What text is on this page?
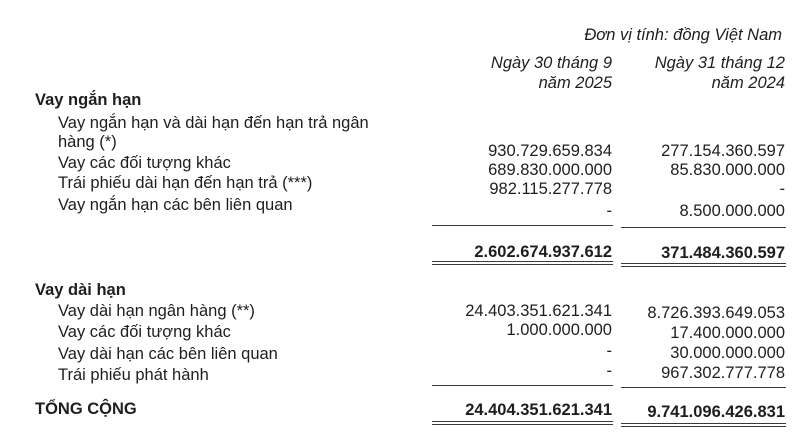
Đơn vị tính: đồng Việt Nam
Ngày 30 tháng 9
năm 2025
Ngày 31 tháng 12
năm 2024
Vay ngắn hạn
Vay ngắn hạn và dài hạn đến hạn trả ngân
hàng (*)	930.729.659.834	277.154.360.597
Vay các đối tượng khác	689.830.000.000	85.830.000.000
Trái phiếu dài hạn đến hạn trả (***)	982.115.277.778	-
Vay ngắn hạn các bên liên quan	-	8.500.000.000
2.602.674.937.612	371.484.360.597
Vay dài hạn
Vay dài hạn ngân hàng (**)	24.403.351.621.341 8.726.393.649.053
Vay các đối tượng khác	1.000.000.000	17.400.000.000
Vay dài hạn các bên liên quan	-	30.000.000.000
Trái phiếu phát hành	-	967.302.777.778
TỔNG CỘNG	24.404.351.621.341 9.741.096.426.831
